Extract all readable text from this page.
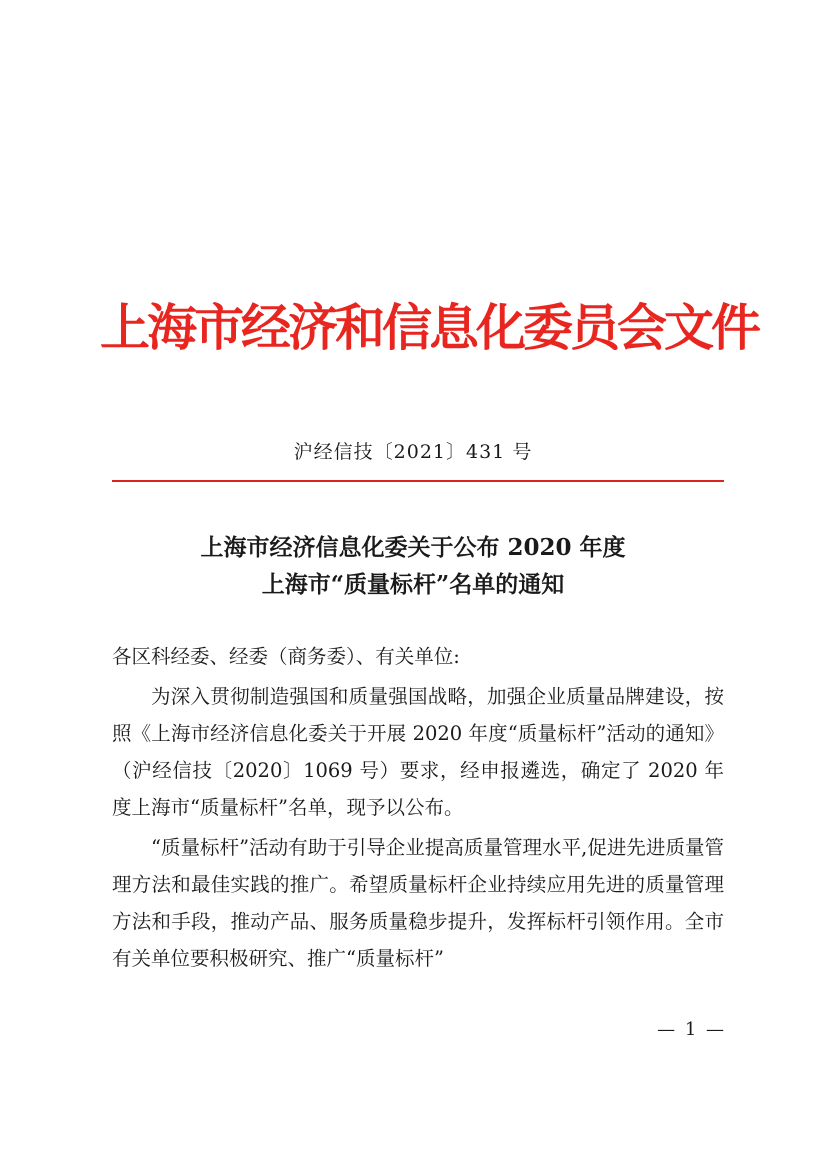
上海市经济和信息化委员会文件
沪经信技〔2021〕431 号
上海市经济信息化委关于公布 2020 年度
上海市“质量标杆”名单的通知

各区科经委、经委（商务委）、有关单位:

为深入贯彻制造强国和质量强国战略，加强企业质量品牌建设，按照《上海市经济信息化委关于开展 2020 年度“质量标杆”活动的通知》（沪经信技〔2020〕1069 号）要求，经申报遴选，确定了 2020 年度上海市“质量标杆”名单，现予以公布。

“质量标杆”活动有助于引导企业提高质量管理水平,促进先进质量管理方法和最佳实践的推广。希望质量标杆企业持续应用先进的质量管理方法和手段，推动产品、服务质量稳步提升，发挥标杆引领作用。全市有关单位要积极研究、推广“质量标杆”

— 1 —
